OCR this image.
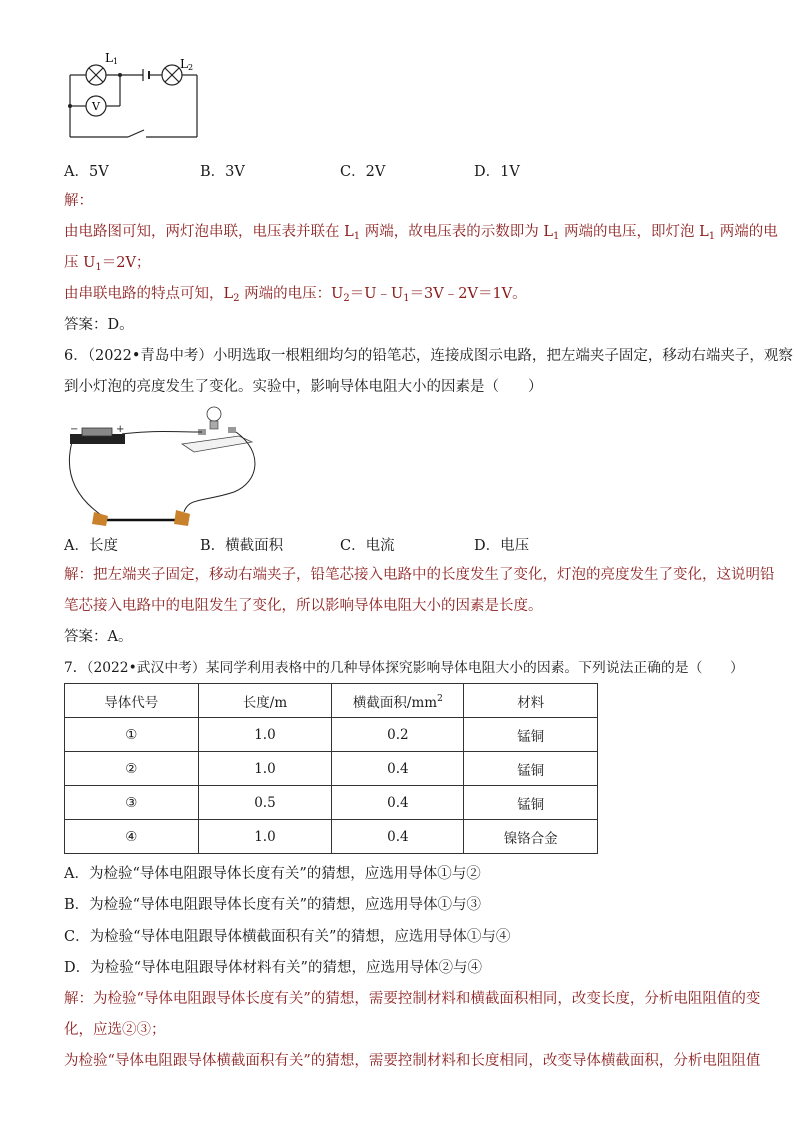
V
L1	L2
A．5V	B．3V	C．2V	D．1V
解：
由电路图可知，两灯泡串联，电压表并联在 $L_1$ 两端，故电压表的示数即为 $L_1$ 两端的电压，即灯泡 $L_1$ 两端的电
压 $U_1=2V$；
由串联电路的特点可知，$L_2$ 两端的电压：$U_2=U﹣U_1=3V﹣2V=1V$。
答案：D。
6．（2022•青岛中考）小明选取一根粗细均匀的铅笔芯，连接成图示电路，把左端夹子固定，移动右端夹子，观察
到小灯泡的亮度发生了变化。实验中，影响导体电阻大小的因素是（　　）
−	+
A．长度	B．横截面积	C．电流	D．电压
解：把左端夹子固定，移动右端夹子，铅笔芯接入电路中的长度发生了变化，灯泡的亮度发生了变化，这说明铅
笔芯接入电路中的电阻发生了变化，所以影响导体电阻大小的因素是长度。
答案：A。
7．（2022•武汉中考）某同学利用表格中的几种导体探究影响导体电阻大小的因素。下列说法正确的是（　　）
导体代号	长度/m	横截面积$/mm^2$	材料
①	1.0	0.2	锰铜
②	1.0	0.4	锰铜
③	0.5	0.4	锰铜
④	1.0	0.4	镍铬合金
A．为检验“导体电阻跟导体长度有关”的猜想，应选用导体①与②
B．为检验“导体电阻跟导体长度有关”的猜想，应选用导体①与③
C．为检验“导体电阻跟导体横截面积有关”的猜想，应选用导体①与④
D．为检验“导体电阻跟导体材料有关”的猜想，应选用导体②与④
解：为检验“导体电阻跟导体长度有关”的猜想，需要控制材料和横截面积相同，改变长度，分析电阻阻值的变
化，应选②③；
为检验“导体电阻跟导体横截面积有关”的猜想，需要控制材料和长度相同，改变导体横截面积，分析电阻阻值
